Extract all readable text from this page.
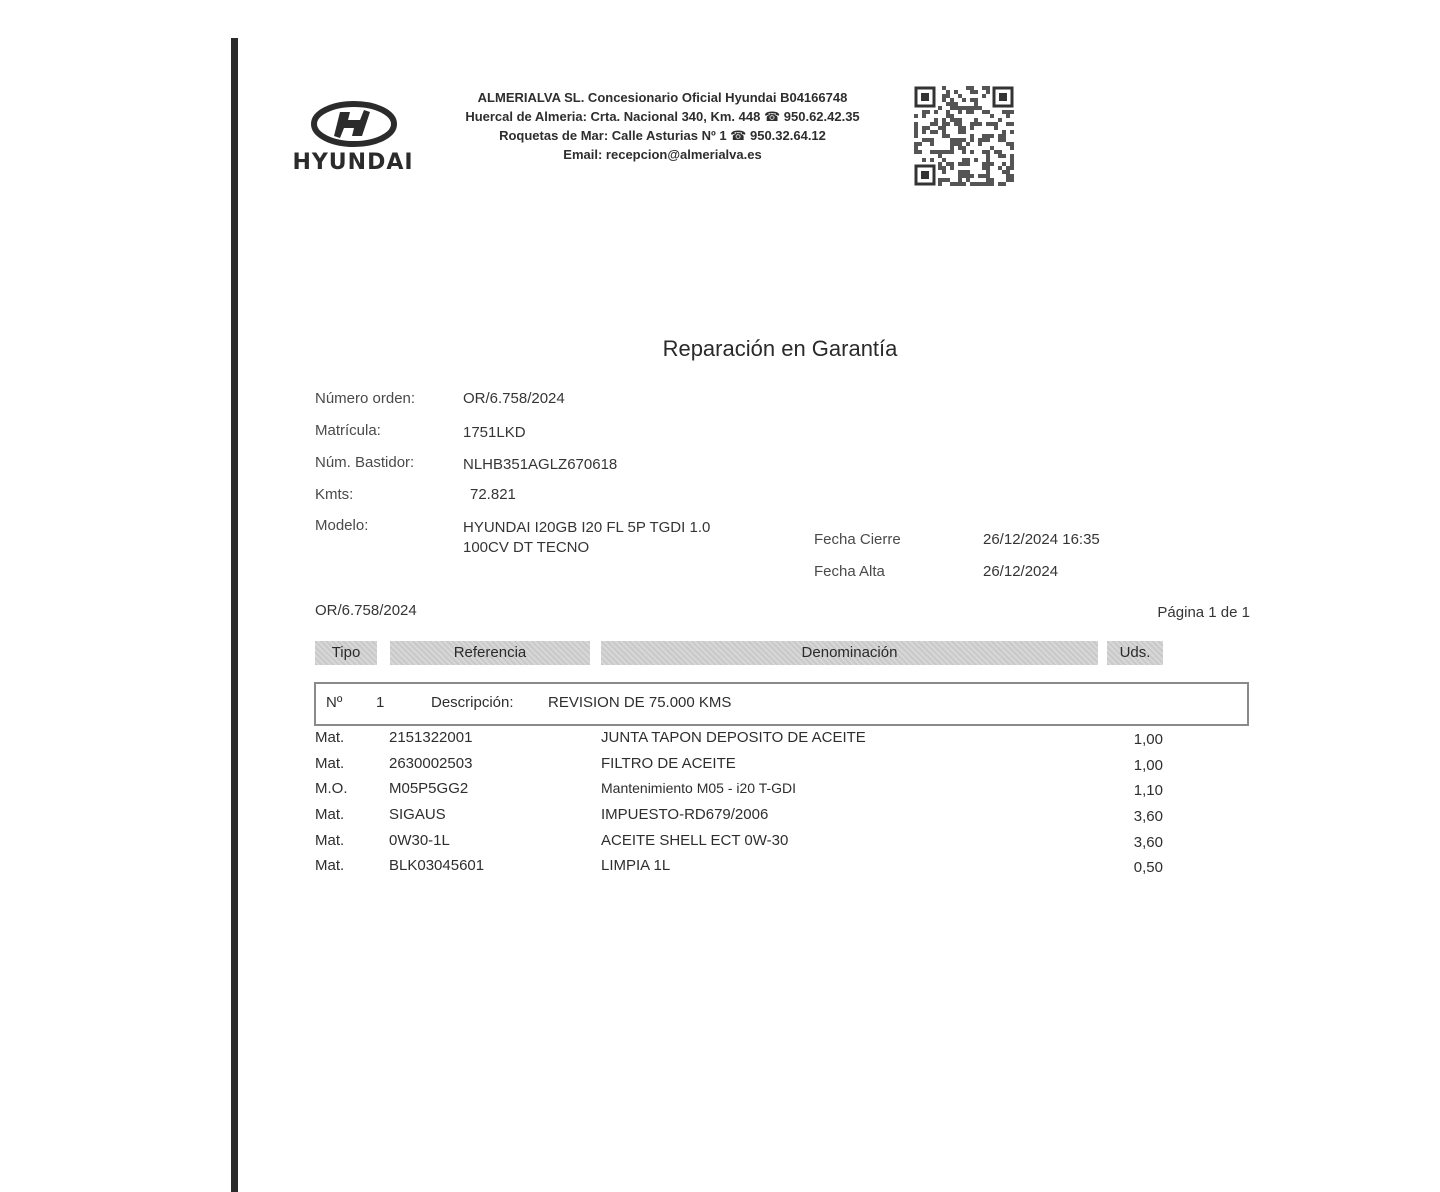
HYUNDAI
ALMERIALVA SL. Concesionario Oficial Hyundai B04166748
Huercal de Almeria: Crta. Nacional 340, Km. 448 ☎ 950.62.42.35
Roquetas de Mar: Calle Asturias Nº 1 ☎ 950.32.64.12
Email: recepcion@almerialva.es
Reparación en Garantía
Número orden:	OR/6.758/2024
Matrícula:	1751LKD
Núm. Bastidor:	NLHB351AGLZ670618
Kmts:	72.821
Modelo:	HYUNDAI I20GB I20 FL 5P TGDI 1.0
100CV DT TECNO	Fecha Cierre	26/12/2024 16:35
Fecha Alta	26/12/2024
OR/6.758/2024	Página 1 de 1
Tipo	Referencia	Denominación	Uds.
Nº 1	Descripción: REVISION DE 75.000 KMS
Mat.	2151322001	JUNTA TAPON DEPOSITO DE ACEITE	1,00
Mat.	2630002503	FILTRO DE ACEITE	1,00
M.O.	M05P5GG2	Mantenimiento M05 - i20 T-GDI	1,10
Mat.	SIGAUS	IMPUESTO-RD679/2006	3,60
Mat.	0W30-1L	ACEITE SHELL ECT 0W-30	3,60
Mat.	BLK03045601	LIMPIA 1L	0,50
